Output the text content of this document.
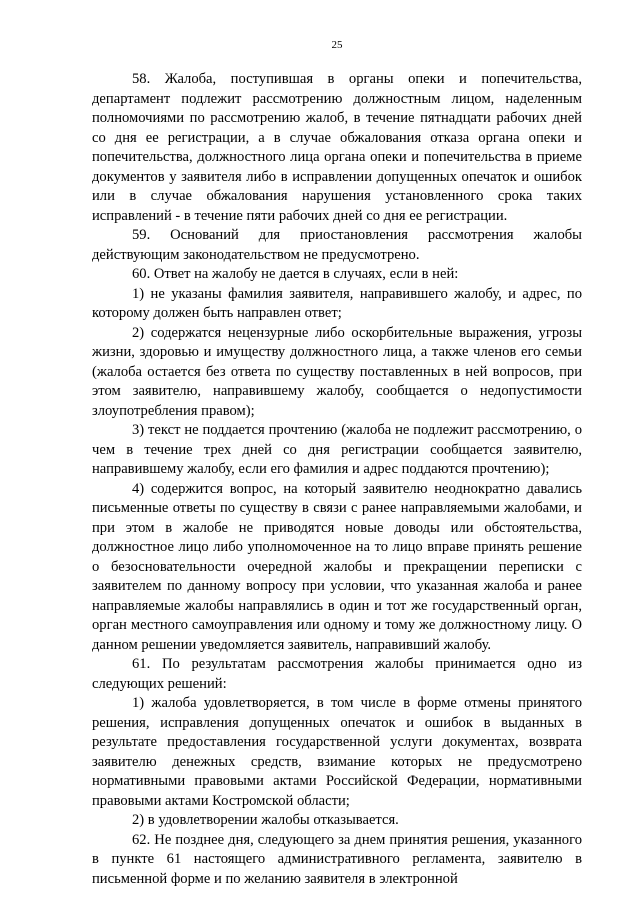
25

58. Жалоба, поступившая в органы опеки и попечительства, департамент подлежит рассмотрению должностным лицом, наделенным полномочиями по рассмотрению жалоб, в течение пятнадцати рабочих дней со дня ее регистрации, а в случае обжалования отказа органа опеки и попечительства, должностного лица органа опеки и попечительства в приеме документов у заявителя либо в исправлении допущенных опечаток и ошибок или в случае обжалования нарушения установленного срока таких исправлений - в течение пяти рабочих дней со дня ее регистрации.

59. Оснований для приостановления рассмотрения жалобы действующим законодательством не предусмотрено.

60. Ответ на жалобу не дается в случаях, если в ней:

1) не указаны фамилия заявителя, направившего жалобу, и адрес, по которому должен быть направлен ответ;

2) содержатся нецензурные либо оскорбительные выражения, угрозы жизни, здоровью и имуществу должностного лица, а также членов его семьи (жалоба остается без ответа по существу поставленных в ней вопросов, при этом заявителю, направившему жалобу, сообщается о недопустимости злоупотребления правом);

3) текст не поддается прочтению (жалоба не подлежит рассмотрению, о чем в течение трех дней со дня регистрации сообщается заявителю, направившему жалобу, если его фамилия и адрес поддаются прочтению);

4) содержится вопрос, на который заявителю неоднократно давались письменные ответы по существу в связи с ранее направляемыми жалобами, и при этом в жалобе не приводятся новые доводы или обстоятельства, должностное лицо либо уполномоченное на то лицо вправе принять решение о безосновательности очередной жалобы и прекращении переписки с заявителем по данному вопросу при условии, что указанная жалоба и ранее направляемые жалобы направлялись в один и тот же государственный орган, орган местного самоуправления или одному и тому же должностному лицу. О данном решении уведомляется заявитель, направивший жалобу.

61. По результатам рассмотрения жалобы принимается одно из следующих решений:

1) жалоба удовлетворяется, в том числе в форме отмены принятого решения, исправления допущенных опечаток и ошибок в выданных в результате предоставления государственной услуги документах, возврата заявителю денежных средств, взимание которых не предусмотрено нормативными правовыми актами Российской Федерации, нормативными правовыми актами Костромской области;

2) в удовлетворении жалобы отказывается.

62. Не позднее дня, следующего за днем принятия решения, указанного в пункте 61 настоящего административного регламента, заявителю в письменной форме и по желанию заявителя в электронной
